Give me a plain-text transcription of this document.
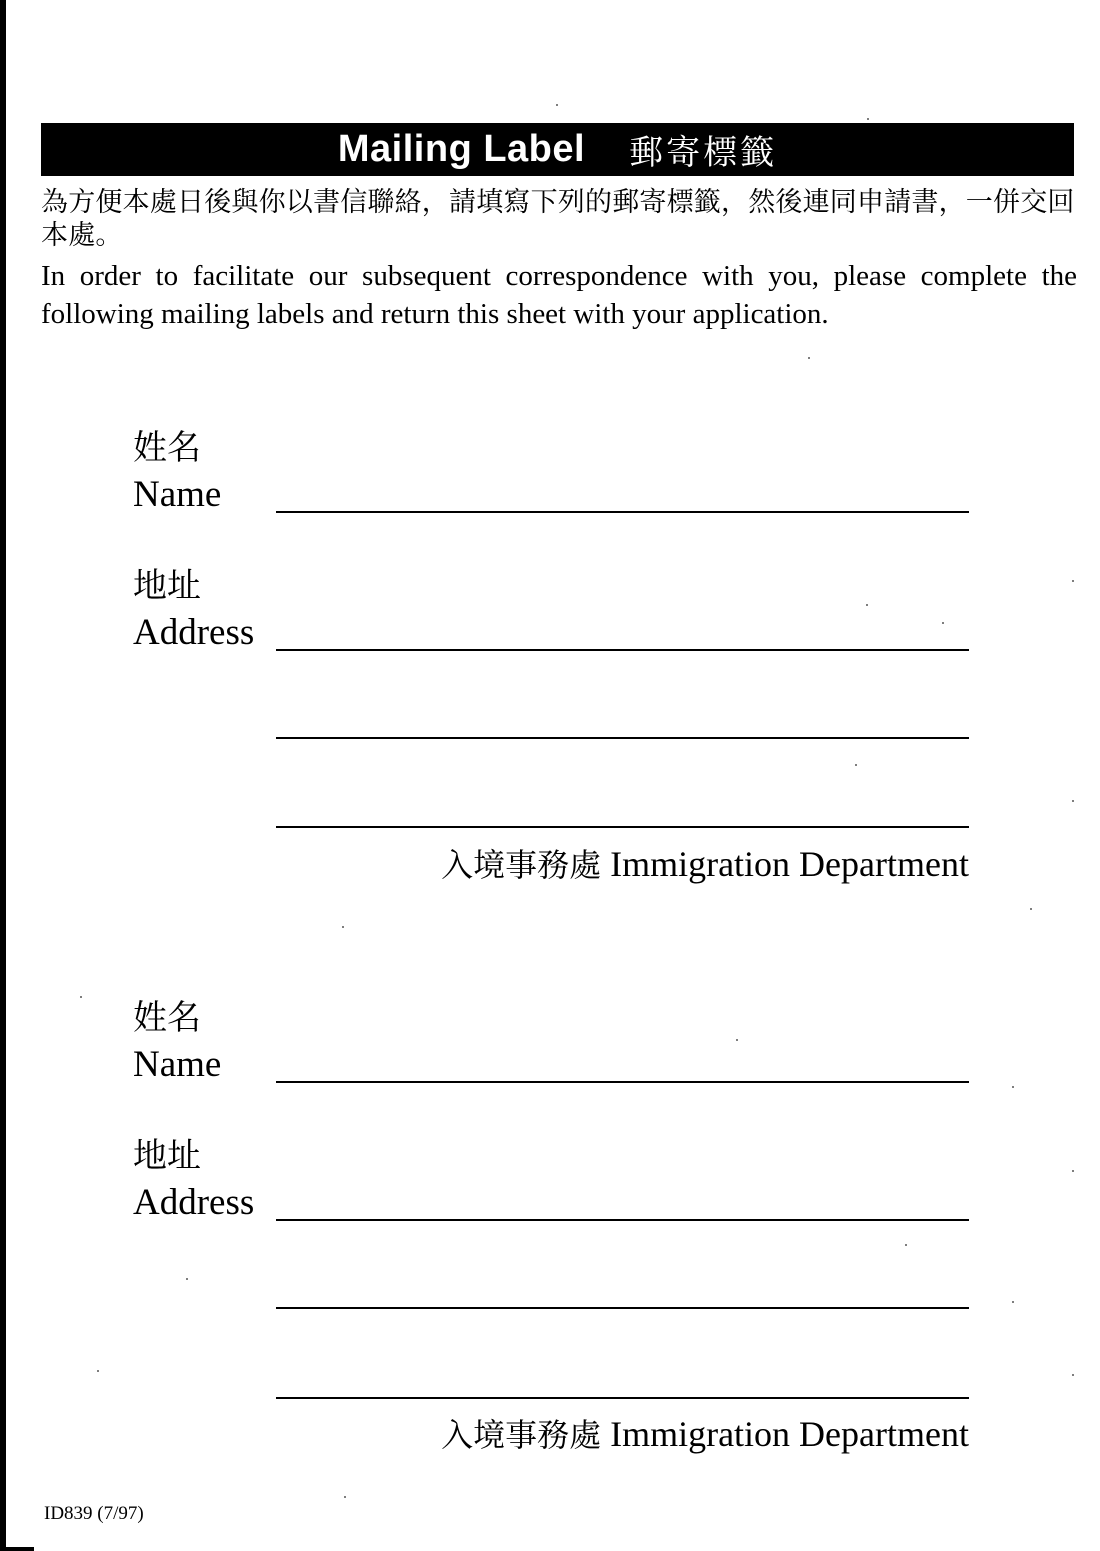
Mailing Label 郵寄標籤
為方便本處日後與你以書信聯絡，請填寫下列的郵寄標籤，然後連同申請書，一併交回本處。
In order to facilitate our subsequent correspondence with you, please complete the following mailing labels and return this sheet with your application.
姓名
Name
地址
Address
入境事務處 Immigration Department
姓名
Name
地址
Address
入境事務處 Immigration Department
ID839 (7/97)
